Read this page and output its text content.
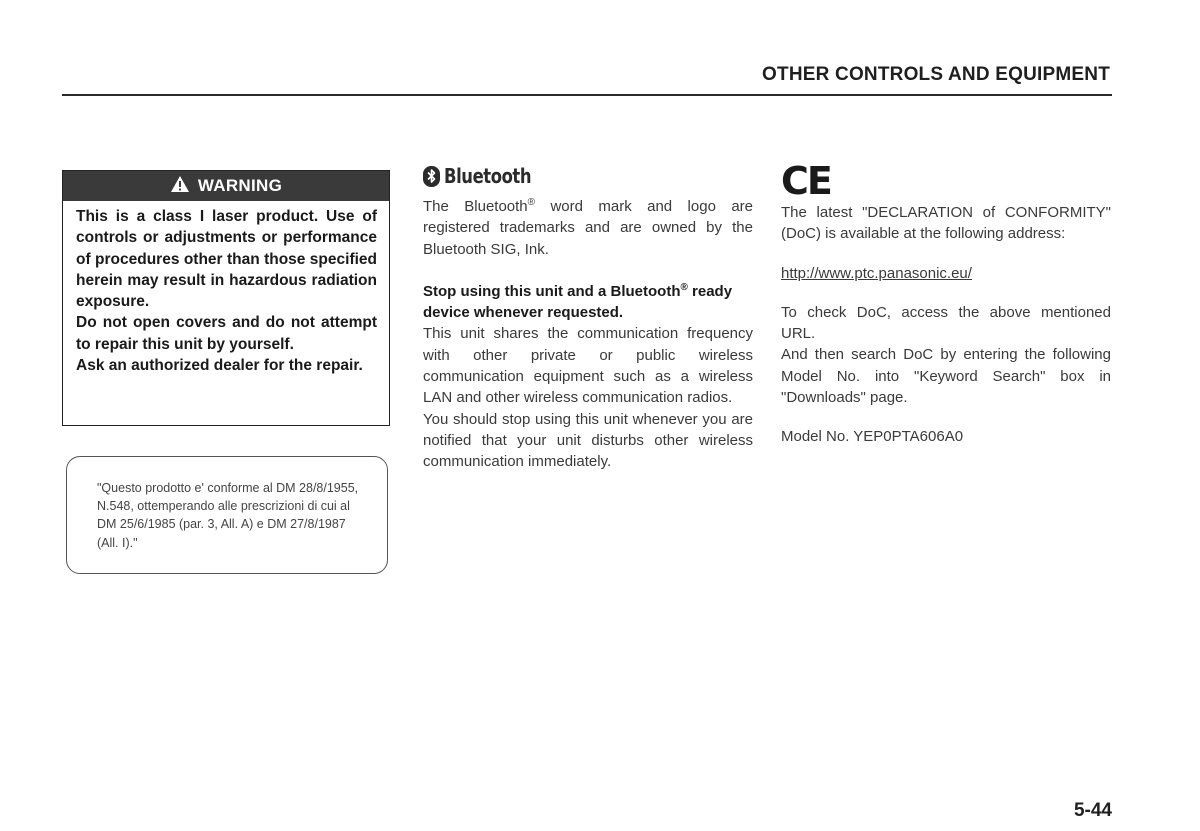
OTHER CONTROLS AND EQUIPMENT
WARNING

This is a class I laser product. Use of controls or adjustments or performance of procedures other than those specified herein may result in hazardous radiation exposure.

Do not open covers and do not attempt to repair this unit by yourself.

Ask an authorized dealer for the repair.

"Questo prodotto e' conforme al DM 28/8/1955, N.548, ottemperando alle prescrizioni di cui al DM 25/6/1985 (par. 3, All. A) e DM 27/8/1987 (All. I)."

Bluetooth

The Bluetooth® word mark and logo are registered trademarks and are owned by the Bluetooth SIG, Ink.

Stop using this unit and a Bluetooth® ready device whenever requested.

This unit shares the communication frequency with other private or public wireless communication equipment such as a wireless LAN and other wireless communication radios.

You should stop using this unit whenever you are notified that your unit disturbs other wireless communication immediately.

CE

The latest "DECLARATION of CONFORMITY" (DoC) is available at the following address:

http://www.ptc.panasonic.eu/

To check DoC, access the above mentioned URL.

And then search DoC by entering the following Model No. into "Keyword Search" box in "Downloads" page.

Model No. YEP0PTA606A0

5-44
